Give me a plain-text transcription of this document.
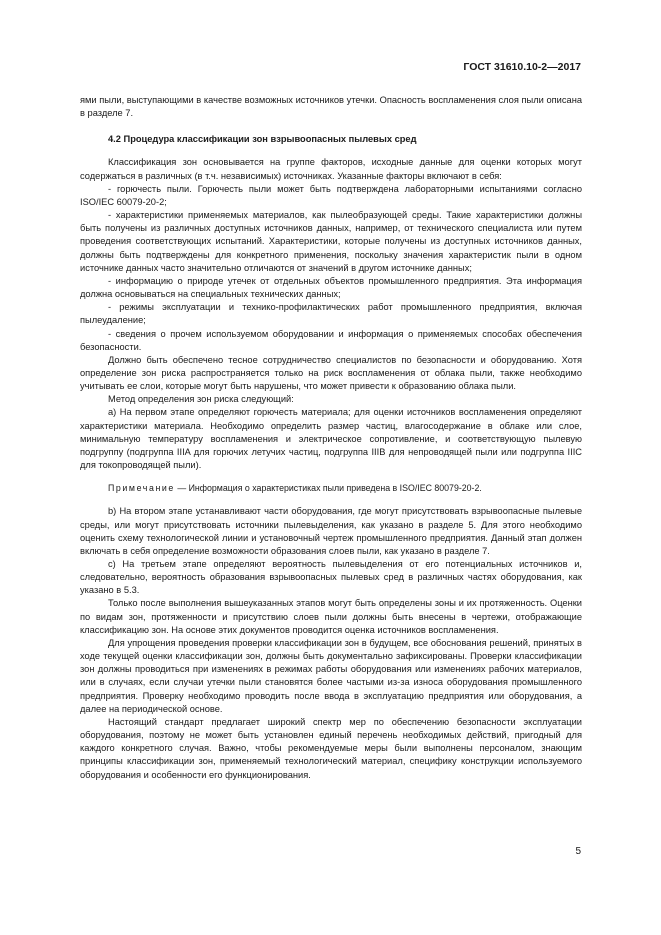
ГОСТ 31610.10-2—2017

ями пыли, выступающими в качестве возможных источников утечки. Опасность воспламенения слоя пыли описана в разделе 7.

4.2 Процедура классификации зон взрывоопасных пылевых сред

Классификация зон основывается на группе факторов, исходные данные для оценки которых могут содержаться в различных (в т.ч. независимых) источниках. Указанные факторы включают в себя:

- горючесть пыли. Горючесть пыли может быть подтверждена лабораторными испытаниями согласно ISO/IEC 60079-20-2;

- характеристики применяемых материалов, как пылеобразующей среды. Такие характеристики должны быть получены из различных доступных источников данных, например, от технического специалиста или путем проведения соответствующих испытаний. Характеристики, которые получены из доступных источников данных, должны быть подтверждены для конкретного применения, поскольку значения характеристик пыли в одном источнике данных часто значительно отличаются от значений в другом источнике данных;

- информацию о природе утечек от отдельных объектов промышленного предприятия. Эта информация должна основываться на специальных технических данных;

- режимы эксплуатации и технико-профилактических работ промышленного предприятия, включая пылеудаление;

- сведения о прочем используемом оборудовании и информация о применяемых способах обеспечения безопасности.

Должно быть обеспечено тесное сотрудничество специалистов по безопасности и оборудованию. Хотя определение зон риска распространяется только на риск воспламенения от облака пыли, также необходимо учитывать ее слои, которые могут быть нарушены, что может привести к образованию облака пыли.

Метод определения зон риска следующий:

a) На первом этапе определяют горючесть материала; для оценки источников воспламенения определяют характеристики материала. Необходимо определить размер частиц, влагосодержание в облаке или слое, минимальную температуру воспламенения и электрическое сопротивление, и соответствующую пылевую подгруппу (подгруппа IIIA для горючих летучих частиц, подгруппа IIIB для непроводящей пыли или подгруппа IIIC для токопроводящей пыли).

Примечание — Информация о характеристиках пыли приведена в ISO/IEC 80079-20-2.

b) На втором этапе устанавливают части оборудования, где могут присутствовать взрывоопасные пылевые среды, или могут присутствовать источники пылевыделения, как указано в разделе 5. Для этого необходимо оценить схему технологической линии и установочный чертеж промышленного предприятия. Данный этап должен включать в себя определение возможности образования слоев пыли, как указано в разделе 7.

c) На третьем этапе определяют вероятность пылевыделения от его потенциальных источников и, следовательно, вероятность образования взрывоопасных пылевых сред в различных частях оборудования, как указано в 5.3.

Только после выполнения вышеуказанных этапов могут быть определены зоны и их протяженность. Оценки по видам зон, протяженности и присутствию слоев пыли должны быть внесены в чертежи, отображающие классификацию зон. На основе этих документов проводится оценка источников воспламенения.

Для упрощения проведения проверки классификации зон в будущем, все обоснования решений, принятых в ходе текущей оценки классификации зон, должны быть документально зафиксированы. Проверки классификации зон должны проводиться при изменениях в режимах работы оборудования или изменениях рабочих материалов, или в случаях, если случаи утечки пыли становятся более частыми из-за износа оборудования промышленного предприятия. Проверку необходимо проводить после ввода в эксплуатацию предприятия или оборудования, а далее на периодической основе.

Настоящий стандарт предлагает широкий спектр мер по обеспечению безопасности эксплуатации оборудования, поэтому не может быть установлен единый перечень необходимых действий, пригодный для каждого конкретного случая. Важно, чтобы рекомендуемые меры были выполнены персоналом, знающим принципы классификации зон, применяемый технологический материал, специфику конструкции используемого оборудования и особенности его функционирования.

5
